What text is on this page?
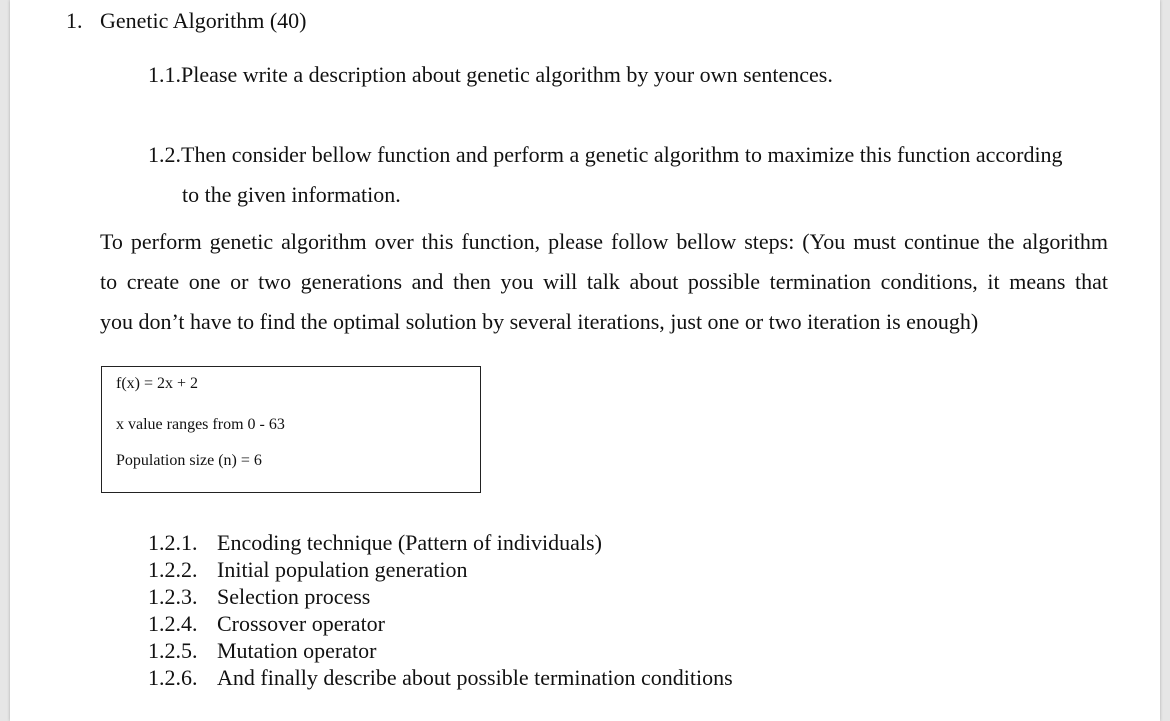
1. Genetic Algorithm (40)
1.1.Please write a description about genetic algorithm by your own sentences.
1.2.Then consider bellow function and perform a genetic algorithm to maximize this function according
to the given information.
To perform genetic algorithm over this function, please follow bellow steps: (You must continue the algorithm
to create one or two generations and then you will talk about possible termination conditions, it means that
you don’t have to find the optimal solution by several iterations, just one or two iteration is enough)
f(x) = 2x + 2
x value ranges from 0 - 63
Population size (n) = 6
1.2.1. Encoding technique (Pattern of individuals)
1.2.2. Initial population generation
1.2.3. Selection process
1.2.4. Crossover operator
1.2.5. Mutation operator
1.2.6. And finally describe about possible termination conditions
